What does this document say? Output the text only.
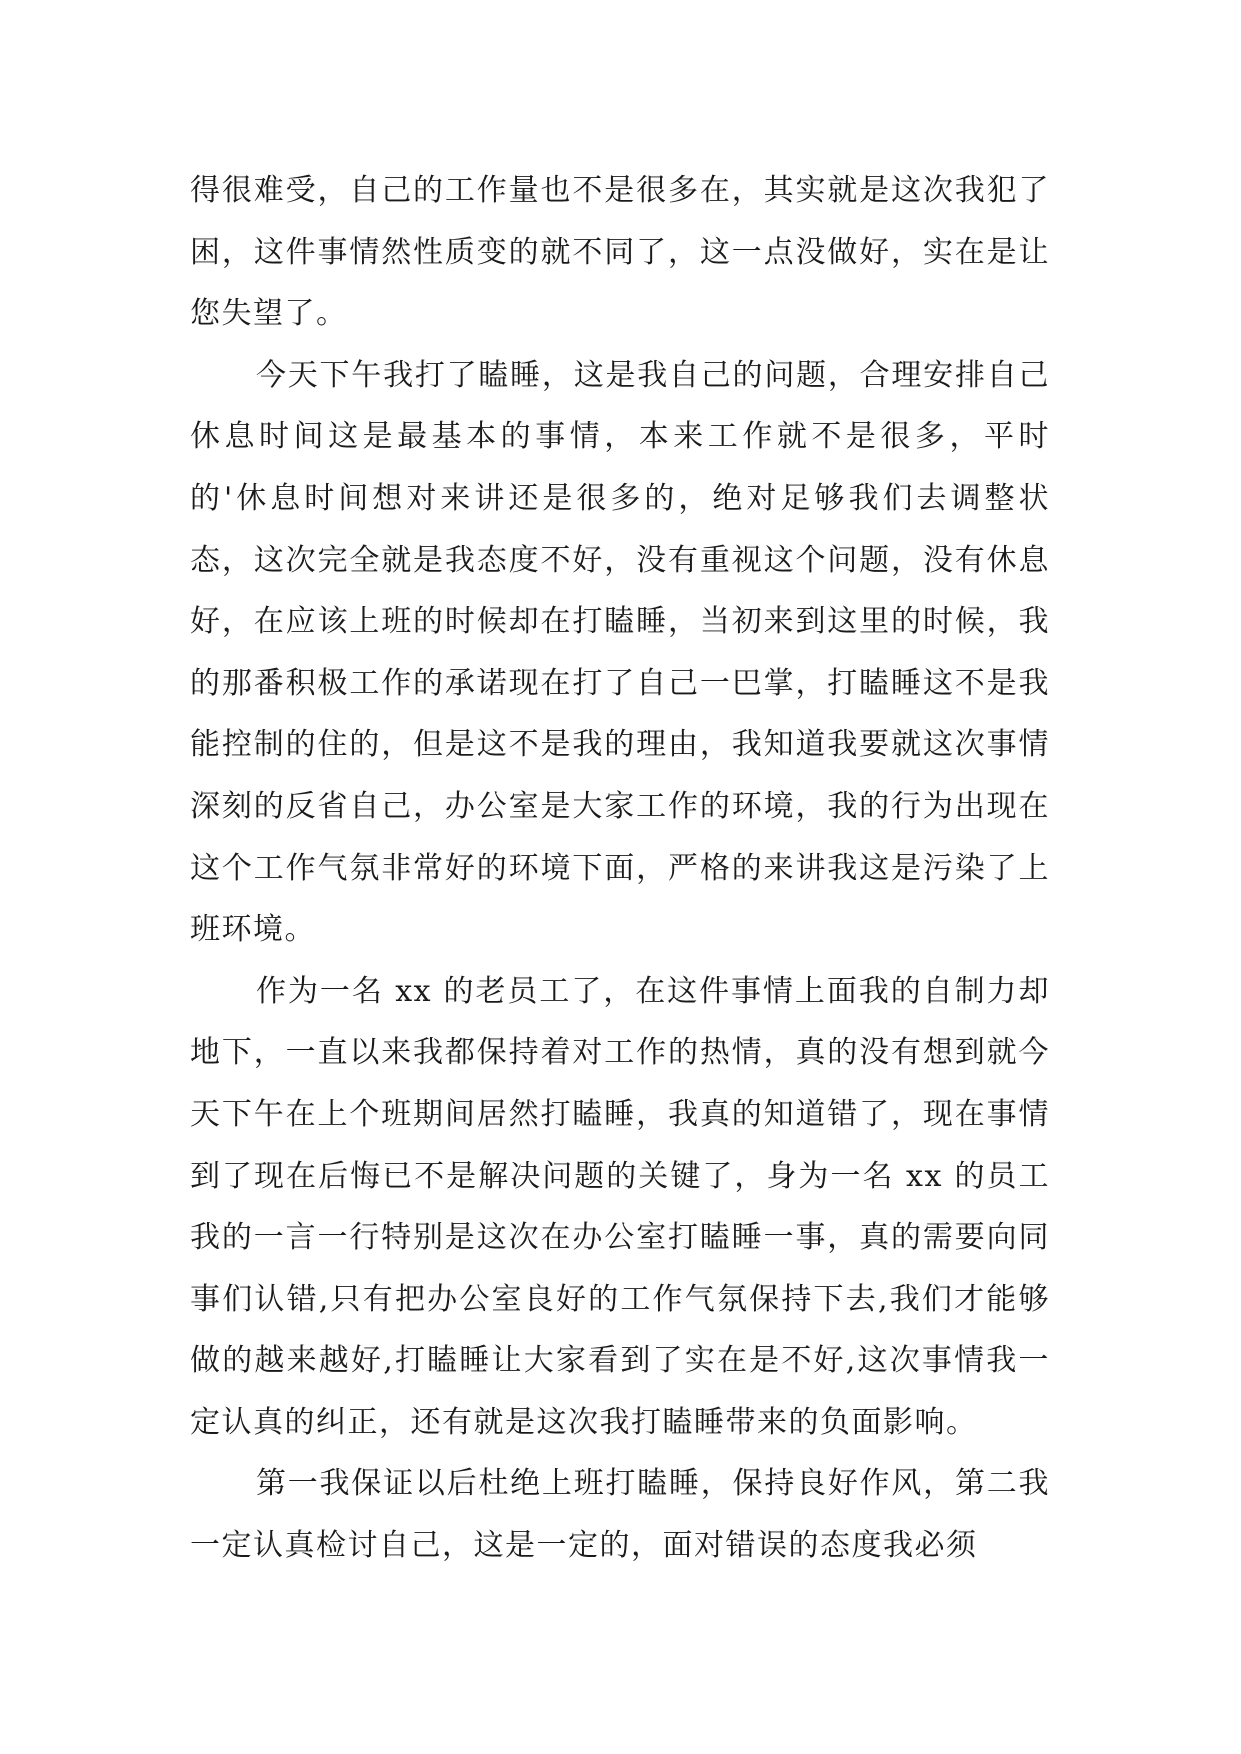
得很难受，自己的工作量也不是很多在，其实就是这次我犯了困，这件事情然性质变的就不同了，这一点没做好，实在是让您失望了。

今天下午我打了瞌睡，这是我自己的问题，合理安排自己休息时间这是最基本的事情，本来工作就不是很多，平时的'休息时间想对来讲还是很多的，绝对足够我们去调整状态，这次完全就是我态度不好，没有重视这个问题，没有休息好，在应该上班的时候却在打瞌睡，当初来到这里的时候，我的那番积极工作的承诺现在打了自己一巴掌，打瞌睡这不是我能控制的住的，但是这不是我的理由，我知道我要就这次事情深刻的反省自己，办公室是大家工作的环境，我的行为出现在这个工作气氛非常好的环境下面，严格的来讲我这是污染了上班环境。

作为一名 xx 的老员工了，在这件事情上面我的自制力却地下，一直以来我都保持着对工作的热情，真的没有想到就今天下午在上个班期间居然打瞌睡，我真的知道错了，现在事情到了现在后悔已不是解决问题的关键了，身为一名 xx 的员工我的一言一行特别是这次在办公室打瞌睡一事，真的需要向同事们认错,只有把办公室良好的工作气氛保持下去,我们才能够做的越来越好,打瞌睡让大家看到了实在是不好,这次事情我一定认真的纠正，还有就是这次我打瞌睡带来的负面影响。

第一我保证以后杜绝上班打瞌睡，保持良好作风，第二我一定认真检讨自己，这是一定的，面对错误的态度我必须
